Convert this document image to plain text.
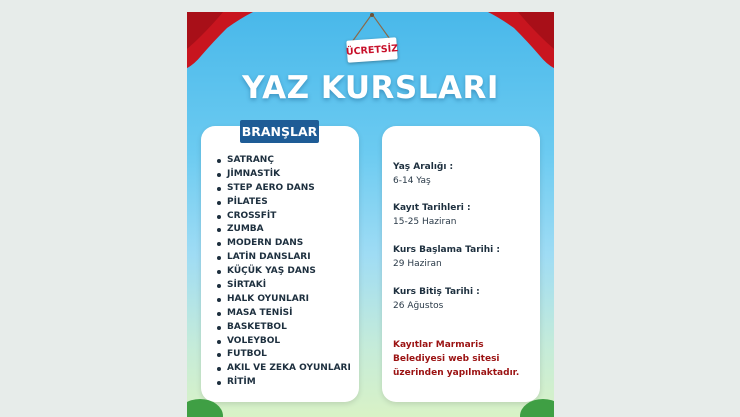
ÜCRETSİZ
YAZ KURSLARI
BRANŞLAR
SATRANÇ
JİMNASTİK
STEP AERO DANS
PİLATES
CROSSFİT
ZUMBA
MODERN DANS
LATİN DANSLARI
KÜÇÜK YAŞ DANS
SİRTAKİ
HALK OYUNLARI
MASA TENİSİ
BASKETBOL
VOLEYBOL
FUTBOL
AKIL VE ZEKA OYUNLARI
RİTİM
Yaş Aralığı :
6-14 Yaş
Kayıt Tarihleri :
15-25 Haziran
Kurs Başlama Tarihi :
29 Haziran
Kurs Bitiş Tarihi :
26 Ağustos
Kayıtlar Marmaris
Belediyesi web sitesi
üzerinden yapılmaktadır.
